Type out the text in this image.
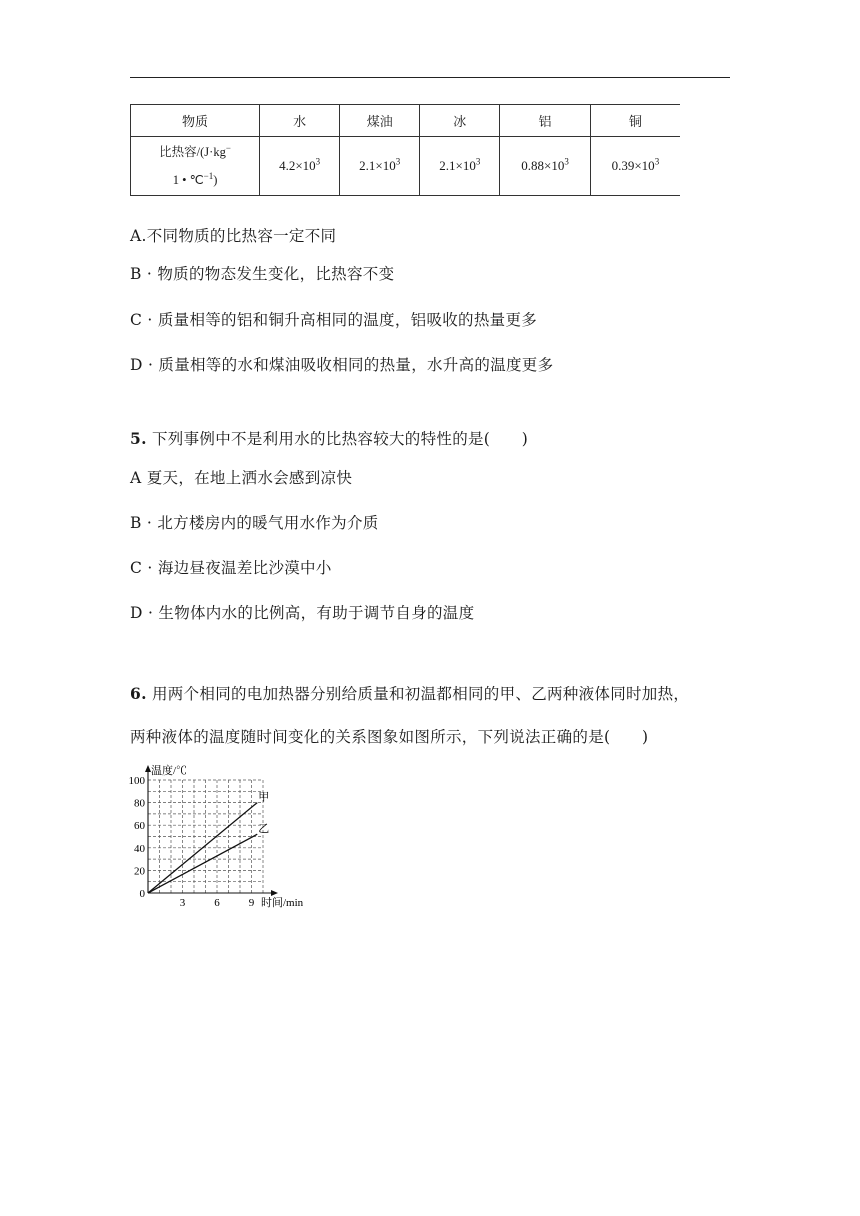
物质	水	煤油	冰	铝	铜
比热容/(J·kg−
1 • ℃$^{-1}$)	$4.2\times 10^3$	$2.1\times 10^3$	$2.1\times 10^3$	$0.88\times 10^3$	$0.39\times 10^3$
A.不同物质的比热容一定不同
B · 物质的物态发生变化，比热容不变
C · 质量相等的铝和铜升高相同的温度，铝吸收的热量更多
D · 质量相等的水和煤油吸收相同的热量，水升高的温度更多
5. 下列事例中不是利用水的比热容较大的特性的是(　　)
A 夏天，在地上洒水会感到凉快
B · 北方楼房内的暖气用水作为介质
C · 海边昼夜温差比沙漠中小
D · 生物体内水的比例高，有助于调节自身的温度
6. 用两个相同的电加热器分别给质量和初温都相同的甲、乙两种液体同时加热，
两种液体的温度随时间变化的关系图象如图所示，下列说法正确的是(　　)
0
20
40
60
80
100
3	6	9
甲
乙
温度/℃
时间/min
